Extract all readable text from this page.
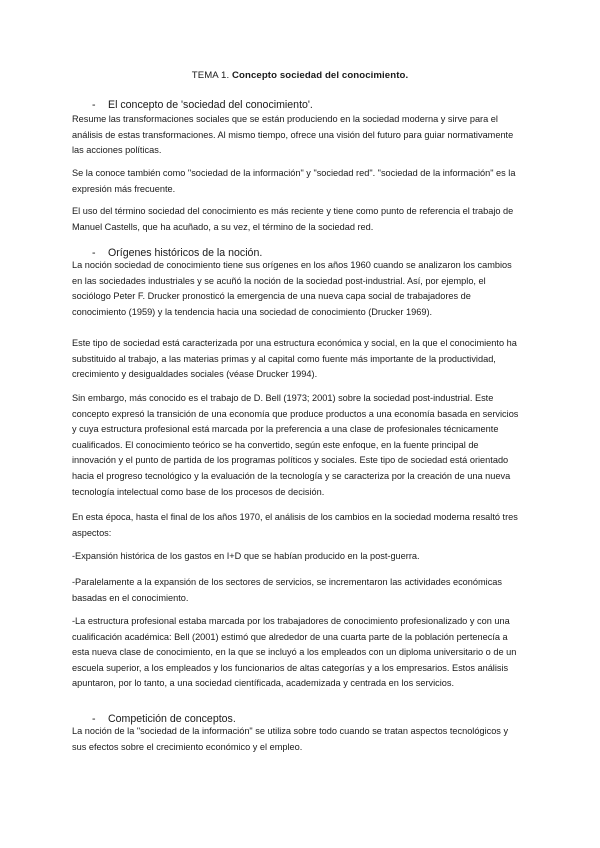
TEMA 1. Concepto sociedad del conocimiento.
- El concepto de 'sociedad del conocimiento'.

Resume las transformaciones sociales que se están produciendo en la sociedad moderna y sirve para el análisis de estas transformaciones. Al mismo tiempo, ofrece una visión del futuro para guiar normativamente las acciones políticas.

Se la conoce también como "sociedad de la información" y "sociedad red". "sociedad de la información" es la expresión más frecuente.

El uso del término sociedad del conocimiento es más reciente y tiene como punto de referencia el trabajo de Manuel Castells, que ha acuñado, a su vez, el término de la sociedad red.

- Orígenes históricos de la noción.

La noción sociedad de conocimiento tiene sus orígenes en los años 1960 cuando se analizaron los cambios en las sociedades industriales y se acuñó la noción de la sociedad post-industrial. Así, por ejemplo, el sociólogo Peter F. Drucker pronosticó la emergencia de una nueva capa social de trabajadores de conocimiento (1959) y la tendencia hacia una sociedad de conocimiento (Drucker 1969).

Este tipo de sociedad está caracterizada por una estructura económica y social, en la que el conocimiento ha substituido al trabajo, a las materias primas y al capital como fuente más importante de la productividad, crecimiento y desigualdades sociales (véase Drucker 1994).

Sin embargo, más conocido es el trabajo de D. Bell (1973; 2001) sobre la sociedad post-industrial. Este concepto expresó la transición de una economía que produce productos a una economía basada en servicios y cuya estructura profesional está marcada por la preferencia a una clase de profesionales técnicamente cualificados. El conocimiento teórico se ha convertido, según este enfoque, en la fuente principal de innovación y el punto de partida de los programas políticos y sociales. Este tipo de sociedad está orientado hacia el progreso tecnológico y la evaluación de la tecnología y se caracteriza por la creación de una nueva tecnología intelectual como base de los procesos de decisión.

En esta época, hasta el final de los años 1970, el análisis de los cambios en la sociedad moderna resaltó tres aspectos:

-Expansión histórica de los gastos en I+D que se habían producido en la post-guerra.

-Paralelamente a la expansión de los sectores de servicios, se incrementaron las actividades económicas basadas en el conocimiento.

-La estructura profesional estaba marcada por los trabajadores de conocimiento profesionalizado y con una cualificación académica: Bell (2001) estimó que alrededor de una cuarta parte de la población pertenecía a esta nueva clase de conocimiento, en la que se incluyó a los empleados con un diploma universitario o de un escuela superior, a los empleados y los funcionarios de altas categorías y a los empresarios. Estos análisis apuntaron, por lo tanto, a una sociedad científicada, academizada y centrada en los servicios.

- Competición de conceptos.

La noción de la "sociedad de la información" se utiliza sobre todo cuando se tratan aspectos tecnológicos y sus efectos sobre el crecimiento económico y el empleo.
